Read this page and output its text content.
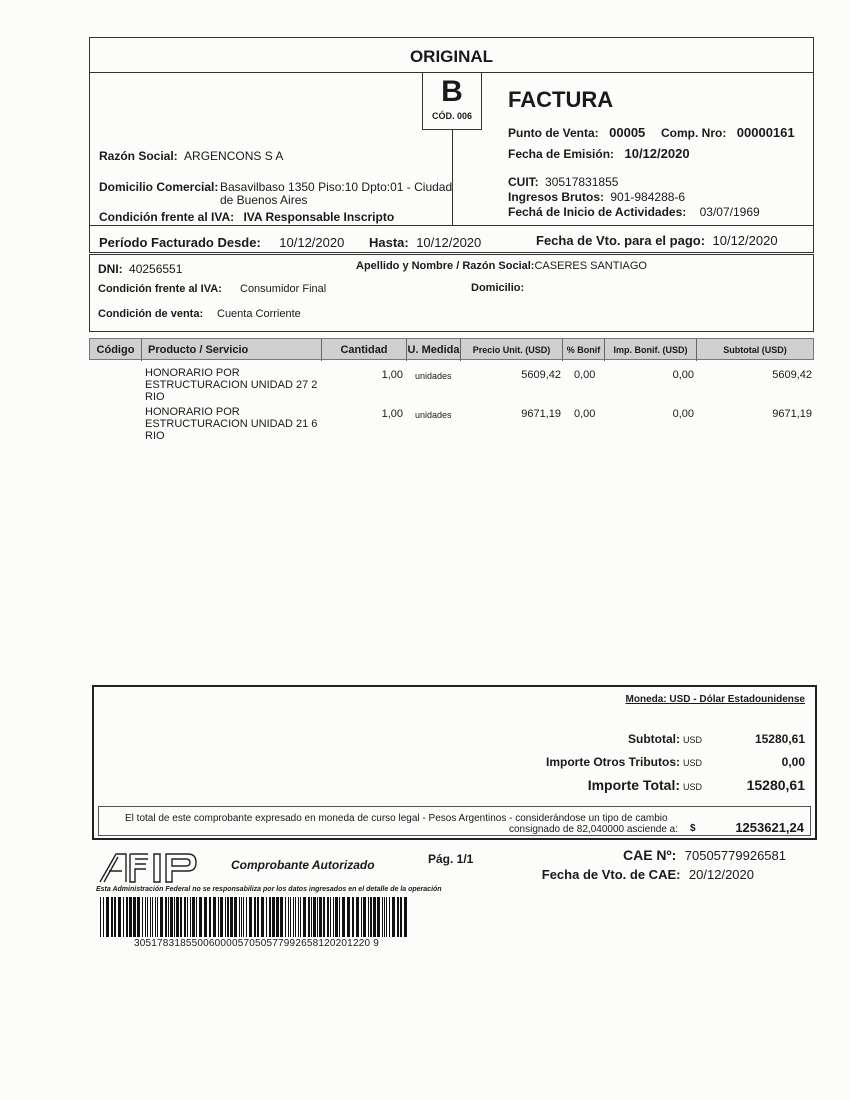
ORIGINAL
B
CÓD. 006
Razón Social: ARGENCONS S A
Domicilio Comercial: Basavilbaso 1350 Piso:10 Dpto:01 - Ciudad
de Buenos Aires
Condición frente al IVA: IVA Responsable Inscripto
FACTURA
Punto de Venta: 00005 Comp. Nro: 00000161
Fecha de Emisión: 10/12/2020
CUIT: 30517831855
Ingresos Brutos: 901-984288-6
Fechá de Inicio de Actividades: 03/07/1969
Período Facturado Desde: 10/12/2020 Hasta: 10/12/2020	Fecha de Vto. para el pago: 10/12/2020
DNI: 40256551	Apellido y Nombre / Razón Social:CASERES SANTIAGO
Condición frente al IVA: Consumidor Final	Domicilio:
Condición de venta: Cuenta Corriente
Código	Producto / Servicio	Cantidad	U. Medida	Precio Unit. (USD)	% Bonif	Imp. Bonif. (USD)	Subtotal (USD)
HONORARIO POR
ESTRUCTURACION UNIDAD 27 2
RIO
1,00 unidades	5609,42 0,00	0,00	5609,42
HONORARIO POR
ESTRUCTURACION UNIDAD 21 6
RIO
1,00 unidades	9671,19 0,00	0,00	9671,19
Moneda: USD - Dólar Estadounidense
Subtotal: USD	15280,61
Importe Otros Tributos: USD	0,00
Importe Total: USD	15280,61
El total de este comprobante expresado en moneda de curso legal - Pesos Argentinos - considerándose un tipo de cambio
consignado de 82,040000 asciende a: $	1253621,24
Comprobante Autorizado	Pág. 1/1
Esta Administración Federal no se responsabiliza por los datos ingresados en el detalle de la operación
CAE Nº: 70505779926581
Fecha de Vto. de CAE: 20/12/2020
30517831855006000057050577992658120201220 9
